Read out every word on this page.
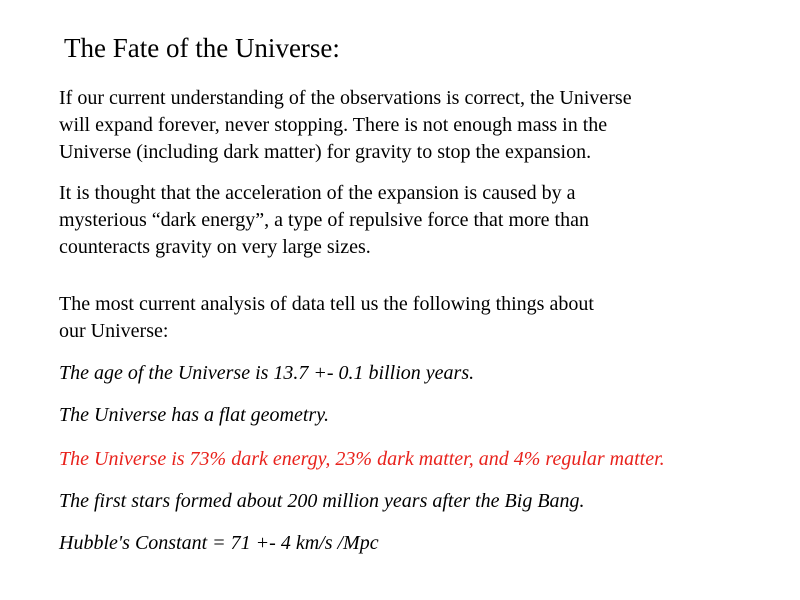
The Fate of the Universe:
If our current understanding of the observations is correct, the Universe
will expand forever, never stopping. There is not enough mass in the
Universe (including dark matter) for gravity to stop the expansion.
It is thought that the acceleration of the expansion is caused by a
mysterious “dark energy”, a type of repulsive force that more than
counteracts gravity on very large sizes.
The most current analysis of data tell us the following things about
our Universe:
The age of the Universe is 13.7 +- 0.1 billion years.
The Universe has a flat geometry.
The Universe is 73% dark energy, 23% dark matter, and 4% regular matter.
The first stars formed about 200 million years after the Big Bang.
Hubble's Constant = 71 +- 4 km/s /Mpc
